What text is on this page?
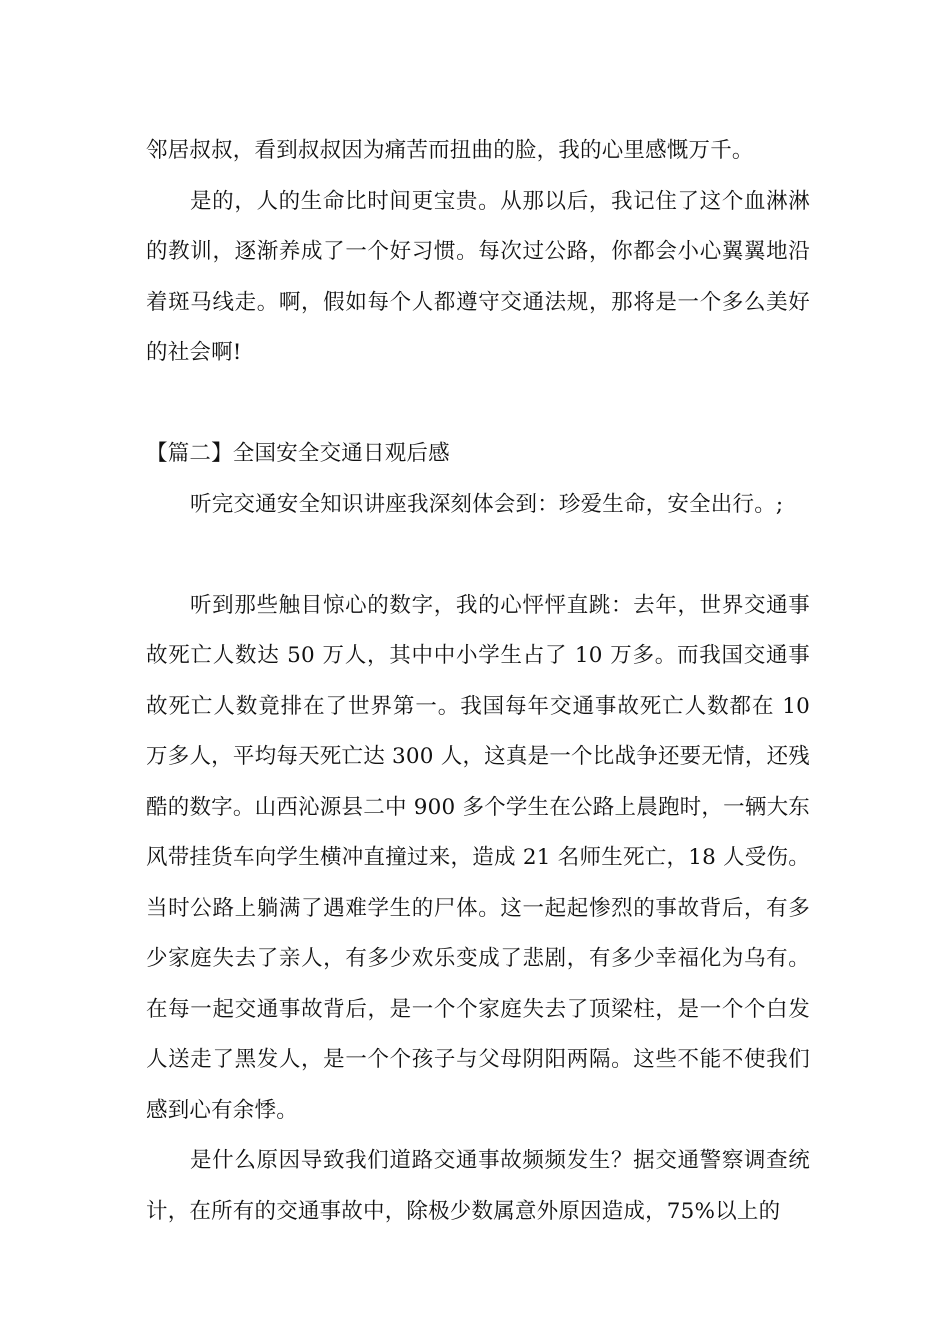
邻居叔叔，看到叔叔因为痛苦而扭曲的脸，我的心里感慨万千。

是的，人的生命比时间更宝贵。从那以后，我记住了这个血淋淋的教训，逐渐养成了一个好习惯。每次过公路，你都会小心翼翼地沿着斑马线走。啊，假如每个人都遵守交通法规，那将是一个多么美好的社会啊!

【篇二】全国安全交通日观后感

听完交通安全知识讲座我深刻体会到：珍爱生命，安全出行。;

听到那些触目惊心的数字，我的心怦怦直跳：去年，世界交通事故死亡人数达 50 万人，其中中小学生占了 10 万多。而我国交通事故死亡人数竟排在了世界第一。我国每年交通事故死亡人数都在 10 万多人，平均每天死亡达 300 人，这真是一个比战争还要无情，还残酷的数字。山西沁源县二中 900 多个学生在公路上晨跑时，一辆大东风带挂货车向学生横冲直撞过来，造成 21 名师生死亡，18 人受伤。当时公路上躺满了遇难学生的尸体。这一起起惨烈的事故背后，有多少家庭失去了亲人，有多少欢乐变成了悲剧，有多少幸福化为乌有。在每一起交通事故背后，是一个个家庭失去了顶梁柱，是一个个白发人送走了黑发人，是一个个孩子与父母阴阳两隔。这些不能不使我们感到心有余悸。

是什么原因导致我们道路交通事故频频发生？据交通警察调查统计，在所有的交通事故中，除极少数属意外原因造成，75%以上的
